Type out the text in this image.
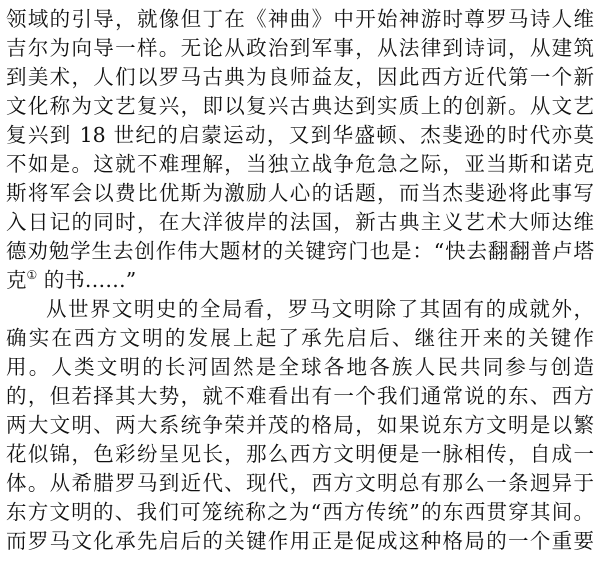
领域的引导，就像但丁在《神曲》中开始神游时尊罗马诗人维
吉尔为向导一样。无论从政治到军事，从法律到诗词，从建筑
到美术，人们以罗马古典为良师益友，因此西方近代第一个新
文化称为文艺复兴，即以复兴古典达到实质上的创新。从文艺
复兴到 18 世纪的启蒙运动，又到华盛顿、杰斐逊的时代亦莫
不如是。这就不难理解，当独立战争危急之际，亚当斯和诺克
斯将军会以费比优斯为激励人心的话题，而当杰斐逊将此事写
入日记的同时，在大洋彼岸的法国，新古典主义艺术大师达维
德劝勉学生去创作伟大题材的关键窍门也是：“快去翻翻普卢塔
克① 的书……”
从世界文明史的全局看，罗马文明除了其固有的成就外，
确实在西方文明的发展上起了承先启后、继往开来的关键作
用。人类文明的长河固然是全球各地各族人民共同参与创造
的，但若择其大势，就不难看出有一个我们通常说的东、西方
两大文明、两大系统争荣并茂的格局，如果说东方文明是以繁
花似锦，色彩纷呈见长，那么西方文明便是一脉相传，自成一
体。从希腊罗马到近代、现代，西方文明总有那么一条迥异于
东方文明的、我们可笼统称之为“西方传统”的东西贯穿其间。
而罗马文化承先启后的关键作用正是促成这种格局的一个重要
